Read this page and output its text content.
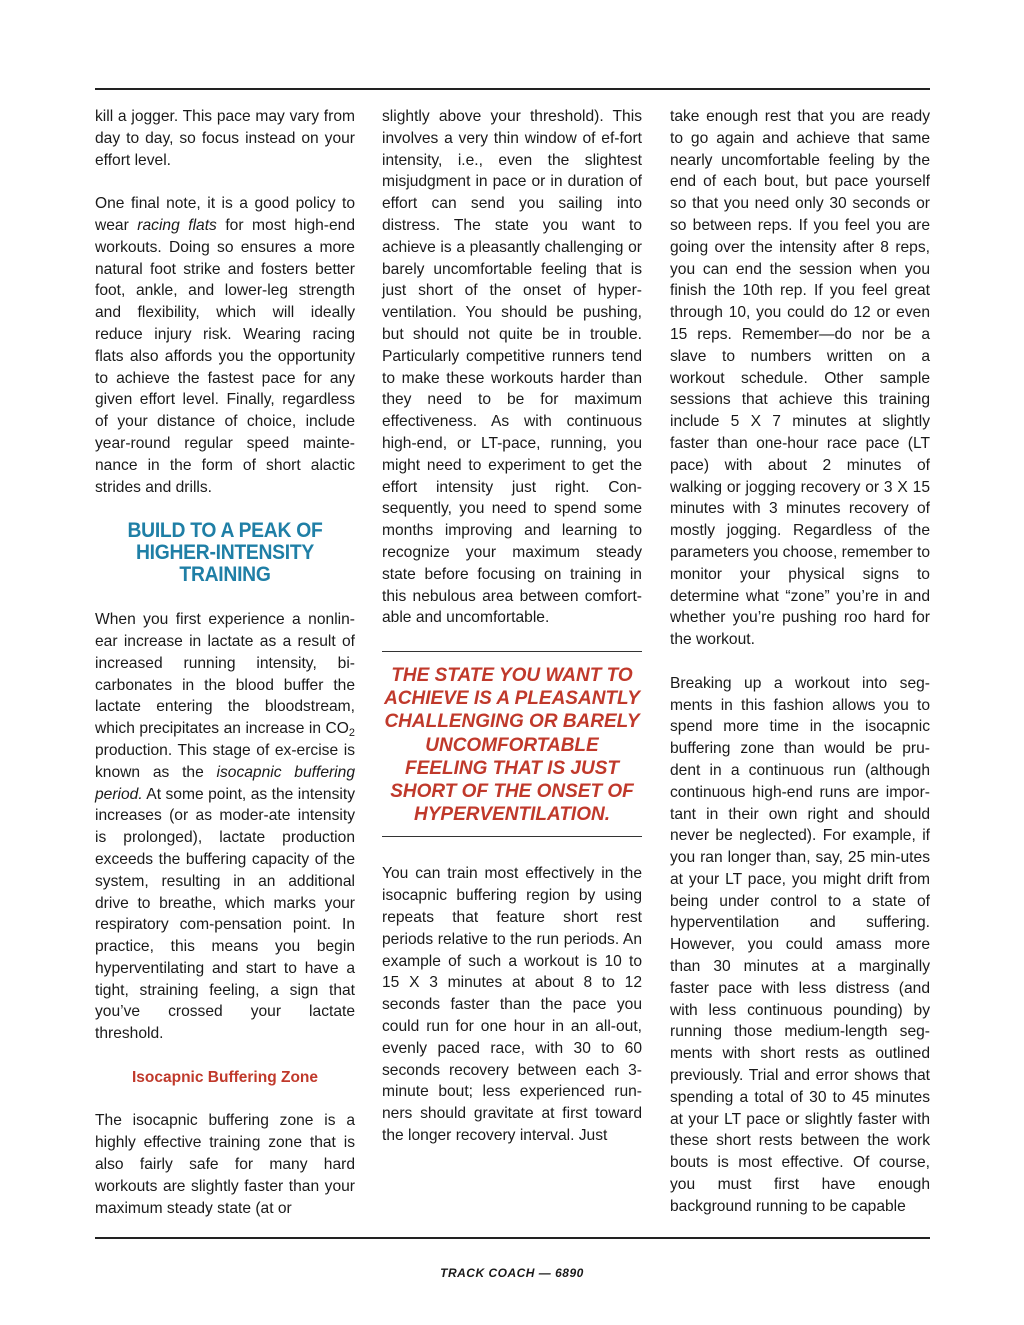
kill a jogger. This pace may vary from day to day, so focus instead on your effort level.

One final note, it is a good policy to wear racing flats for most high-end workouts. Doing so ensures a more natural foot strike and fosters better foot, ankle, and lower-leg strength and flexibility, which will ideally reduce injury risk. Wearing racing flats also affords you the opportunity to achieve the fastest pace for any given effort level. Finally, regardless of your distance of choice, include year-round regular speed mainte-nance in the form of short alactic strides and drills.

BUILD TO A PEAK OF HIGHER-INTENSITY TRAINING

When you first experience a nonlin-ear increase in lactate as a result of increased running intensity, bi-carbonates in the blood buffer the lactate entering the bloodstream, which precipitates an increase in $CO_2$ production. This stage of ex-ercise is known as the isocapnic buffering period. At some point, as the intensity increases (or as moder-ate intensity is prolonged), lactate production exceeds the buffering capacity of the system, resulting in an additional drive to breathe, which marks your respiratory com-pensation point. In practice, this means you begin hyperventilating and start to have a tight, straining feeling, a sign that you’ve crossed your lactate threshold.

Isocapnic Buffering Zone

The isocapnic buffering zone is a highly effective training zone that is also fairly safe for many hard workouts are slightly faster than your maximum steady state (at or

slightly above your threshold). This involves a very thin window of ef-fort intensity, i.e., even the slightest misjudgment in pace or in duration of effort can send you sailing into distress. The state you want to achieve is a pleasantly challenging or barely uncomfortable feeling that is just short of the onset of hyper-ventilation. You should be pushing, but should not quite be in trouble. Particularly competitive runners tend to make these workouts harder than they need to be for maximum effectiveness. As with continuous high-end, or LT-pace, running, you might need to experiment to get the effort intensity just right. Con-sequently, you need to spend some months improving and learning to recognize your maximum steady state before focusing on training in this nebulous area between comfort-able and uncomfortable.

THE STATE YOU WANT TO ACHIEVE IS A PLEASANTLY CHALLENGING OR BARELY UNCOMFORTABLE FEELING THAT IS JUST SHORT OF THE ONSET OF HYPERVENTILATION.

You can train most effectively in the isocapnic buffering region by using repeats that feature short rest periods relative to the run periods. An example of such a workout is 10 to 15 X 3 minutes at about 8 to 12 seconds faster than the pace you could run for one hour in an all-out, evenly paced race, with 30 to 60 seconds recovery between each 3-minute bout; less experienced run-ners should gravitate at first toward the longer recovery interval. Just

take enough rest that you are ready to go again and achieve that same nearly uncomfortable feeling by the end of each bout, but pace yourself so that you need only 30 seconds or so between reps. If you feel you are going over the intensity after 8 reps, you can end the session when you finish the 10th rep. If you feel great through 10, you could do 12 or even 15 reps. Remember—do nor be a slave to numbers written on a workout schedule. Other sample sessions that achieve this training include 5 X 7 minutes at slightly faster than one-hour race pace (LT pace) with about 2 minutes of walking or jogging recovery or 3 X 15 minutes with 3 minutes recovery of mostly jogging. Regardless of the parameters you choose, remember to monitor your physical signs to determine what “zone” you’re in and whether you’re pushing roo hard for the workout.

Breaking up a workout into seg-ments in this fashion allows you to spend more time in the isocapnic buffering zone than would be pru-dent in a continuous run (although continuous high-end runs are impor-tant in their own right and should never be neglected). For example, if you ran longer than, say, 25 min-utes at your LT pace, you might drift from being under control to a state of hyperventilation and suffering. However, you could amass more than 30 minutes at a marginally faster pace with less distress (and with less continuous pounding) by running those medium-length seg-ments with short rests as outlined previously. Trial and error shows that spending a total of 30 to 45 minutes at your LT pace or slightly faster with these short rests between the work bouts is most effective. Of course, you must first have enough background running to be capable

TRACK COACH — 6890
